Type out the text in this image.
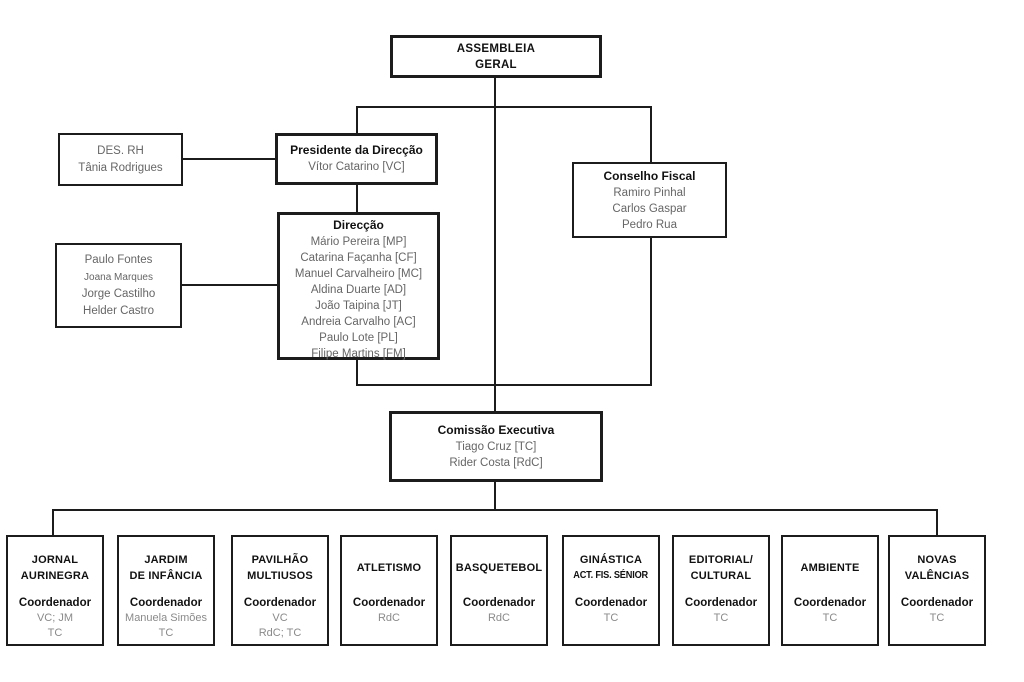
ASSEMBLEIA
GERAL
DES. RH
Tânia Rodrigues
Presidente da Direcção
Vítor Catarino [VC]
Conselho Fiscal
Ramiro Pinhal
Carlos Gaspar
Pedro Rua
Direcção
Mário Pereira [MP]
Catarina Façanha [CF]
Manuel Carvalheiro [MC]
Aldina Duarte [AD]
João Taipina [JT]
Andreia Carvalho [AC]
Paulo Lote [PL]
Filipe Martins [FM]
Paulo Fontes
Joana Marques
Jorge Castilho
Helder Castro
Comissão Executiva
Tiago Cruz [TC]
Rider Costa [RdC]
JORNAL
AURINEGRA
Coordenador
VC; JM
TC
JARDIM
DE INFÂNCIA
Coordenador
Manuela Simões
TC
PAVILHÃO
MULTIUSOS
Coordenador
VC
RdC; TC
ATLETISMO
Coordenador
RdC
BASQUETEBOL
Coordenador
RdC
GINÁSTICA
ACT. FIS. SÉNIOR
Coordenador
TC
EDITORIAL/
CULTURAL
Coordenador
TC
AMBIENTE
Coordenador
TC
NOVAS
VALÊNCIAS
Coordenador
TC
